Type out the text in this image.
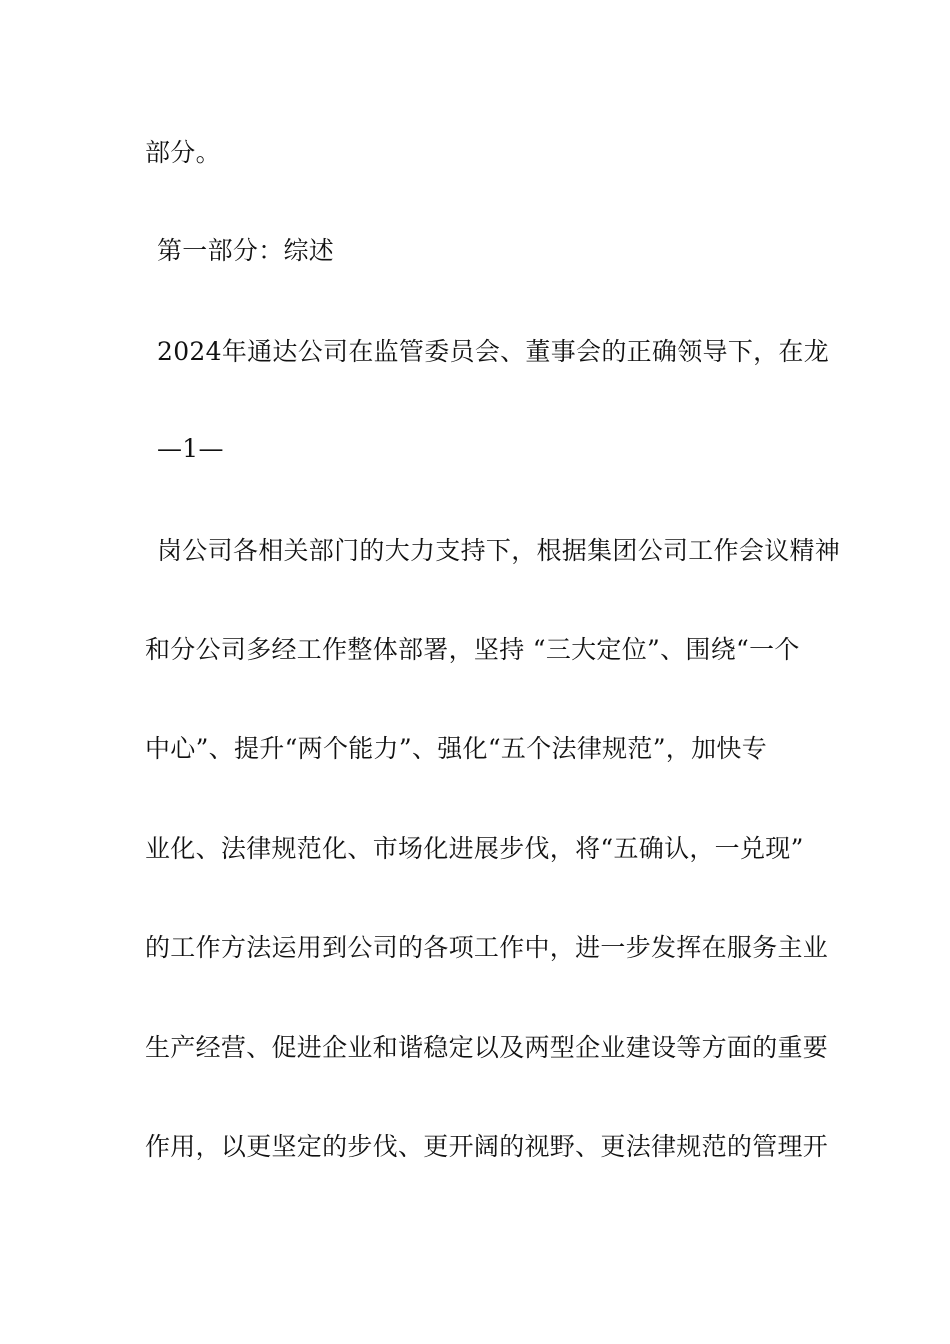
部分。
第一部分：综述
2024年通达公司在监管委员会、董事会的正确领导下，在龙
—1—
岗公司各相关部门的大力支持下，根据集团公司工作会议精神
和分公司多经工作整体部署，坚持 “三大定位”、围绕“一个
中心”、提升“两个能力”、强化“五个法律规范”，加快专
业化、法律规范化、市场化进展步伐，将“五确认，一兑现”
的工作方法运用到公司的各项工作中，进一步发挥在服务主业
生产经营、促进企业和谐稳定以及两型企业建设等方面的重要
作用，以更坚定的步伐、更开阔的视野、更法律规范的管理开
